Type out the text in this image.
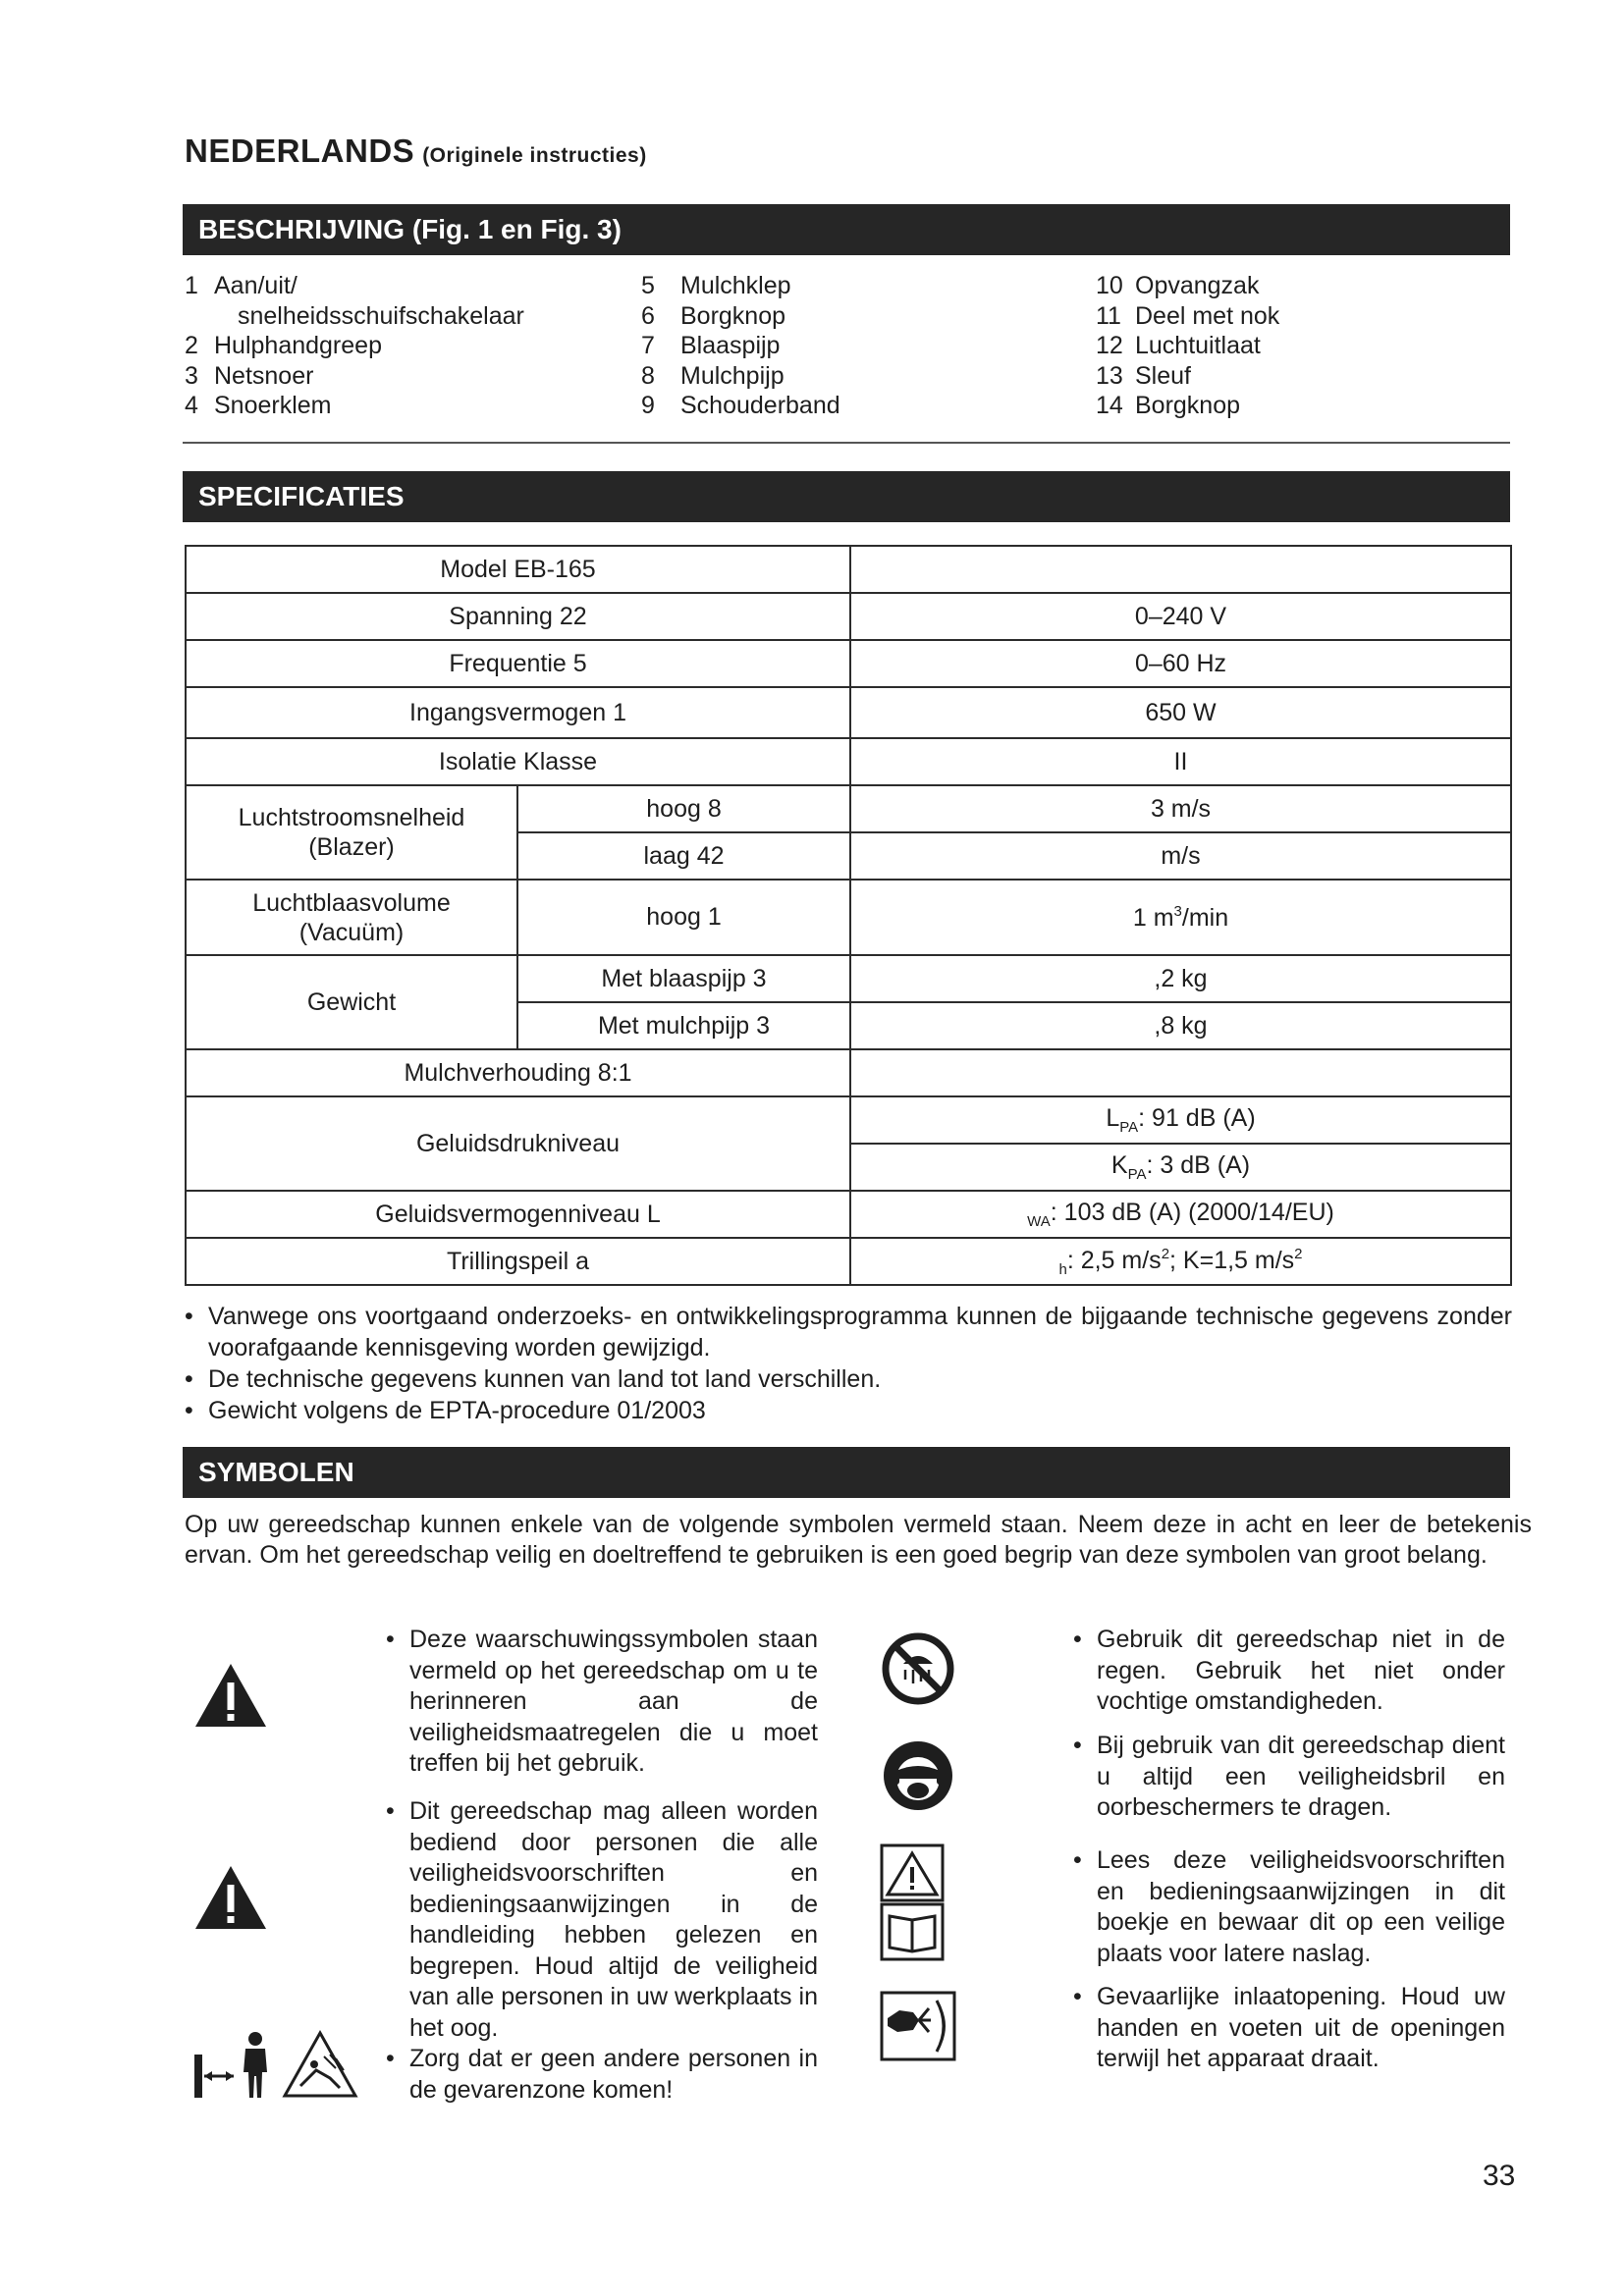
NEDERLANDS (Originele instructies)
BESCHRIJVING (Fig. 1 en Fig. 3)
1 Aan/uit/
snelheidsschuifschakelaar
2 Hulphandgreep
3 Netsnoer
4 Snoerklem
5	Mulchklep
6	Borgknop
7	Blaaspijp
8	Mulchpijp
9	Schouderband
10 Opvangzak
11 Deel met nok
12 Luchtuitlaat
13 Sleuf
14 Borgknop
SPECIFICATIES
Model EB-165		
Spanning 22		0–240 V
Frequentie 5		0–60 Hz
Ingangsvermogen 1		650 W
Isolatie Klasse		II

Luchtstroomsnelheid
(Blazer)	hoog 8	3 m/s
	laag 42	m/s

Luchtblaasvolume
(Vacuüm)	hoog 1	1 $m^3/\min$
Gewicht	Met blaaspijp 3	,2 kg
	Met mulchpijp 3	,8 kg
Mulchverhouding 8:1		
Geluidsdrukniveau		$L_{PA}$: 91 dB (A)
		$K_{PA}$: 3 dB (A)
Geluidsvermogenniveau L		$_{WA}$: 103 dB (A) (2000/14/EU)
Trillingspeil a		$_h$: 2,5 $m/s^2$; K=1,5 $m/s^2$
• Vanwege ons voortgaand onderzoeks- en ontwikkelingsprogramma kunnen de bijgaande technische gegevens zonder voorafgaande kennisgeving worden gewijzigd.
• De technische gegevens kunnen van land tot land verschillen.
• Gewicht volgens de EPTA-procedure 01/2003
SYMBOLEN
Op uw gereedschap kunnen enkele van de volgende symbolen vermeld staan. Neem deze in acht en leer de betekenis ervan. Om het gereedschap veilig en doeltreffend te gebruiken is een goed begrip van deze symbolen van groot belang.
• Deze waarschuwingssymbolen staan vermeld op het gereedschap om u te herinneren aan de veiligheidsmaatregelen die u moet treffen bij het gebruik.
• Dit gereedschap mag alleen worden bediend door personen die alle veiligheidsvoorschriften en bedieningsaanwijzingen in de handleiding hebben gelezen en begrepen. Houd altijd de veiligheid van alle personen in uw werkplaats in het oog.
• Zorg dat er geen andere personen in de gevarenzone komen!
• Gebruik dit gereedschap niet in de regen. Gebruik het niet onder vochtige omstandigheden.
• Bij gebruik van dit gereedschap dient u altijd een veiligheidsbril en oorbeschermers te dragen.
• Lees deze veiligheidsvoorschriften en bedieningsaanwijzingen in dit boekje en bewaar dit op een veilige plaats voor latere naslag.
• Gevaarlijke inlaatopening. Houd uw handen en voeten uit de openingen terwijl het apparaat draait.
33
